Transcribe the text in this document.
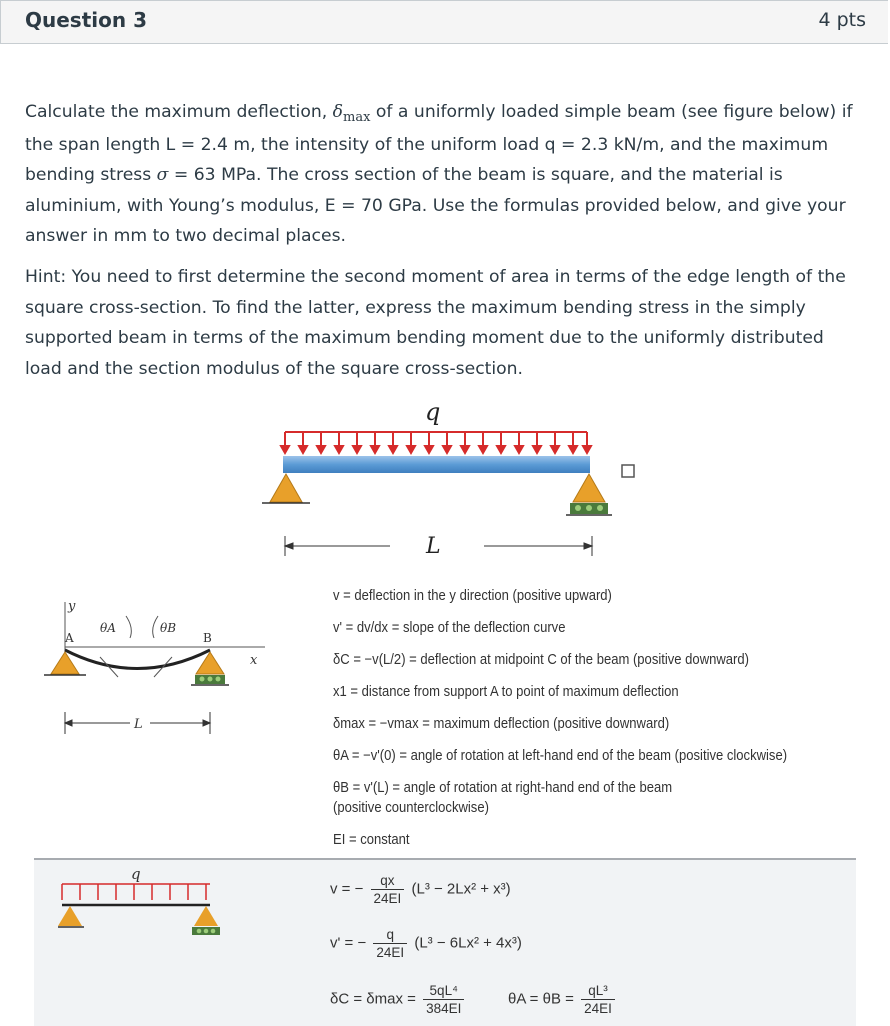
Question 3	4 pts
Calculate the maximum deflection, $\delta_{max}$ of a uniformly loaded simple beam (see figure below) if
the span length L = 2.4 m, the intensity of the uniform load q = 2.3 kN/m, and the maximum
bending stress σ = 63 MPa. The cross section of the beam is square, and the material is
aluminium, with Young’s modulus, E = 70 GPa. Use the formulas provided below, and give your
answer in mm to two decimal places.
Hint: You need to first determine the second moment of area in terms of the edge length of the
square cross-section. To find the latter, express the maximum bending stress in the simply
supported beam in terms of the maximum bending moment due to the uniformly distributed
load and the section modulus of the square cross-section.
q
L
y
x
A	B
θA	θB
L
v = deflection in the y direction (positive upward)
v' = dv/dx = slope of the deflection curve
δC = −v(L/2) = deflection at midpoint C of the beam (positive downward)
x1 = distance from support A to point of maximum deflection
δmax = −vmax = maximum deflection (positive downward)
θA = −v'(0) = angle of rotation at left-hand end of the beam (positive clockwise)
θB = v'(L) = angle of rotation at right-hand end of the beam
(positive counterclockwise)
EI = constant
q
v = − $\frac{qx}{24EI} (L^3 - 2Lx^2 + x^3)$
v' = − $\frac{q}{24EI} (L^3 - 6Lx^2 + 4x^3)$
$\delta C = \delta\max = \frac{\text{5qL⁴}}{384EI}$	$\theta A = \theta B = \frac{\text{qL³}}{24EI}$
